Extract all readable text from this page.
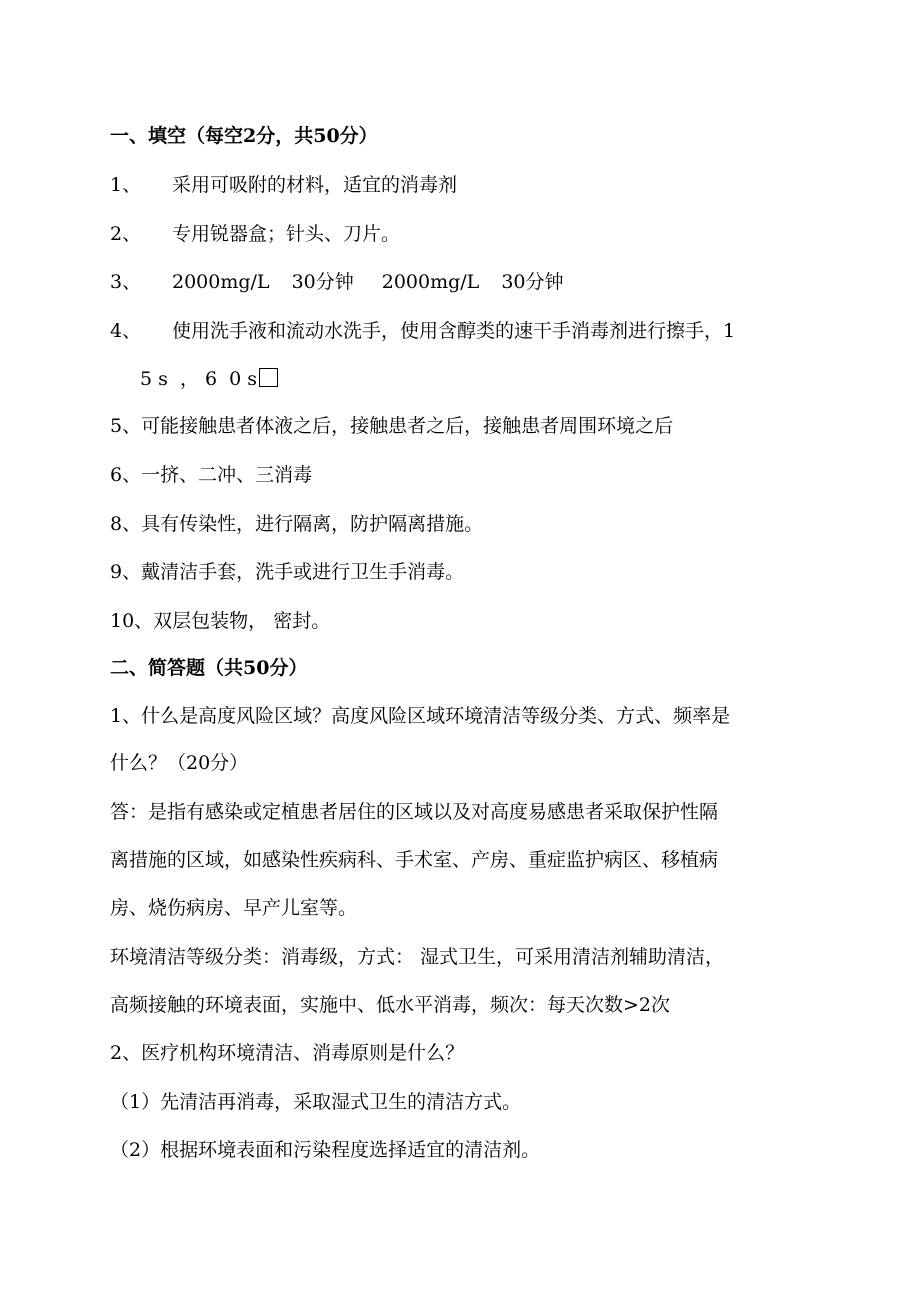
一、填空（每空2分，共50分）
1、 采用可吸附的材料，适宜的消毒剂
2、 专用锐器盒；针头、刀片。
3、 2000mg/L 30分钟 2000mg/L 30分钟
4、 使用洗手液和流动水洗手，使用含醇类的速干手消毒剂进行擦手，1
5 s  ， 6  0 s
5、可能接触患者体液之后，接触患者之后，接触患者周围环境之后
6、一挤、二冲、三消毒
8、具有传染性，进行隔离，防护隔离措施。
9、戴清洁手套，洗手或进行卫生手消毒。
10、双层包装物， 密封。
二、简答题（共50分）
1、什么是高度风险区域？高度风险区域环境清洁等级分类、方式、频率是
什么？（20分）
答：是指有感染或定植患者居住的区域以及对高度易感患者采取保护性隔
离措施的区域，如感染性疾病科、手术室、产房、重症监护病区、移植病
房、烧伤病房、早产儿室等。
环境清洁等级分类：消毒级，方式： 湿式卫生，可采用清洁剂辅助清洁，
高频接触的环境表面，实施中、低水平消毒，频次：每天次数>2次
2、医疗机构环境清洁、消毒原则是什么？
（1）先清洁再消毒，采取湿式卫生的清洁方式。
（2）根据环境表面和污染程度选择适宜的清洁剂。
